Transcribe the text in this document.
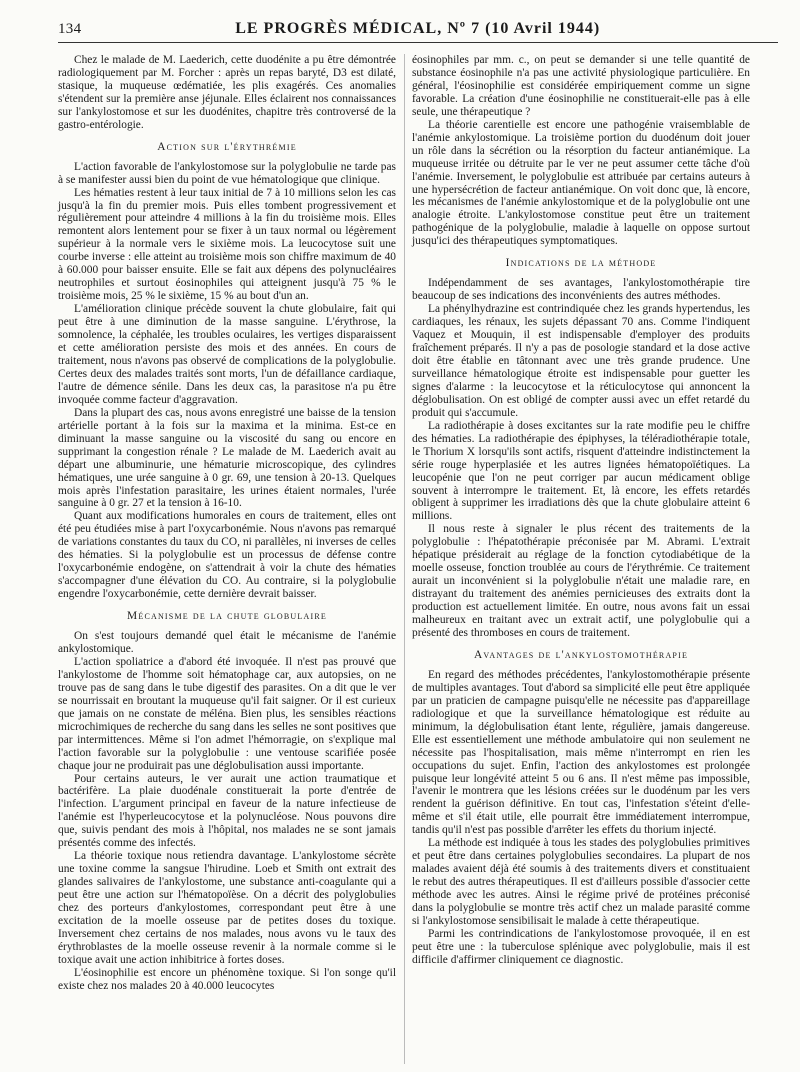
134	LE PROGRÈS MÉDICAL, Nº 7 (10 Avril 1944)

Chez le malade de M. Laederich, cette duodénite a pu être démontrée radiologiquement par M. Forcher : après un repas baryté, D3 est dilaté, stasique, la muqueuse œdématiée, les plis exagérés. Ces anomalies s'étendent sur la première anse jéjunale. Elles éclairent nos connaissances sur l'ankylostomose et sur les duodénites, chapitre très controversé de la gastro-entérologie.

Action sur l'érythrémie

L'action favorable de l'ankylostomose sur la polyglobulie ne tarde pas à se manifester aussi bien du point de vue hématologique que clinique.

Les hématies restent à leur taux initial de 7 à 10 millions selon les cas jusqu'à la fin du premier mois. Puis elles tombent progressivement et régulièrement pour atteindre 4 millions à la fin du troisième mois. Elles remontent alors lentement pour se fixer à un taux normal ou légèrement supérieur à la normale vers le sixième mois. La leucocytose suit une courbe inverse : elle atteint au troisième mois son chiffre maximum de 40 à 60.000 pour baisser ensuite. Elle se fait aux dépens des polynucléaires neutrophiles et surtout éosinophiles qui atteignent jusqu'à 75 % le troisième mois, 25 % le sixième, 15 % au bout d'un an.

L'amélioration clinique précède souvent la chute globulaire, fait qui peut être à une diminution de la masse sanguine. L'érythrose, la somnolence, la céphalée, les troubles oculaires, les vertiges disparaissent et cette amélioration persiste des mois et des années. En cours de traitement, nous n'avons pas observé de complications de la polyglobulie. Certes deux des malades traités sont morts, l'un de défaillance cardiaque, l'autre de démence sénile. Dans les deux cas, la parasitose n'a pu être invoquée comme facteur d'aggravation.

Dans la plupart des cas, nous avons enregistré une baisse de la tension artérielle portant à la fois sur la maxima et la minima. Est-ce en diminuant la masse sanguine ou la viscosité du sang ou encore en supprimant la congestion rénale ? Le malade de M. Laederich avait au départ une albuminurie, une hématurie microscopique, des cylindres hématiques, une urée sanguine à 0 gr. 69, une tension à 20-13. Quelques mois après l'infestation parasitaire, les urines étaient normales, l'urée sanguine à 0 gr. 27 et la tension à 16-10.

Quant aux modifications humorales en cours de traitement, elles ont été peu étudiées mise à part l'oxycarbonémie. Nous n'avons pas remarqué de variations constantes du taux du CO, ni parallèles, ni inverses de celles des hématies. Si la polyglobulie est un processus de défense contre l'oxycarbonémie endogène, on s'attendrait à voir la chute des hématies s'accompagner d'une élévation du CO. Au contraire, si la polyglobulie engendre l'oxycarbonémie, cette dernière devrait baisser.

Mécanisme de la chute globulaire

On s'est toujours demandé quel était le mécanisme de l'anémie ankylostomique.

L'action spoliatrice a d'abord été invoquée. Il n'est pas prouvé que l'ankylostome de l'homme soit hématophage car, aux autopsies, on ne trouve pas de sang dans le tube digestif des parasites. On a dit que le ver se nourrissait en broutant la muqueuse qu'il fait saigner. Or il est curieux que jamais on ne constate de méléna. Bien plus, les sensibles réactions microchimiques de recherche du sang dans les selles ne sont positives que par intermittences. Même si l'on admet l'hémorragie, on s'explique mal l'action favorable sur la polyglobulie : une ventouse scarifiée posée chaque jour ne produirait pas une déglobulisation aussi importante.

Pour certains auteurs, le ver aurait une action traumatique et bactérifère. La plaie duodénale constituerait la porte d'entrée de l'infection. L'argument principal en faveur de la nature infectieuse de l'anémie est l'hyperleucocytose et la polynucléose. Nous pouvons dire que, suivis pendant des mois à l'hôpital, nos malades ne se sont jamais présentés comme des infectés.

La théorie toxique nous retiendra davantage. L'ankylostome sécrète une toxine comme la sangsue l'hirudine. Loeb et Smith ont extrait des glandes salivaires de l'ankylostome, une substance anti-coagulante qui a peut être une action sur l'hématopoïèse. On a décrit des polyglobulies chez des porteurs d'ankylostomes, correspondant peut être à une excitation de la moelle osseuse par de petites doses du toxique. Inversement chez certains de nos malades, nous avons vu le taux des érythroblastes de la moelle osseuse revenir à la normale comme si le toxique avait une action inhibitrice à fortes doses.

L'éosinophilie est encore un phénomène toxique. Si l'on songe qu'il existe chez nos malades 20 à 40.000 leucocytes

éosinophiles par mm. c., on peut se demander si une telle quantité de substance éosinophile n'a pas une activité physiologique particulière. En général, l'éosinophilie est considérée empiriquement comme un signe favorable. La création d'une éosinophilie ne constituerait-elle pas à elle seule, une thérapeutique ?

La théorie carentielle est encore une pathogénie vraisemblable de l'anémie ankylostomique. La troisième portion du duodénum doit jouer un rôle dans la sécrétion ou la résorption du facteur antianémique. La muqueuse irritée ou détruite par le ver ne peut assumer cette tâche d'où l'anémie. Inversement, le polyglobulie est attribuée par certains auteurs à une hypersécrétion de facteur antianémique. On voit donc que, là encore, les mécanismes de l'anémie ankylostomique et de la polyglobulie ont une analogie étroite. L'ankylostomose constitue peut être un traitement pathogénique de la polyglobulie, maladie à laquelle on oppose surtout jusqu'ici des thérapeutiques symptomatiques.

Indications de la méthode

Indépendamment de ses avantages, l'ankylostomothérapie tire beaucoup de ses indications des inconvénients des autres méthodes.

La phénylhydrazine est contrindiquée chez les grands hypertendus, les cardiaques, les rénaux, les sujets dépassant 70 ans. Comme l'indiquent Vaquez et Mouquin, il est indispensable d'employer des produits fraîchement préparés. Il n'y a pas de posologie standard et la dose active doit être établie en tâtonnant avec une très grande prudence. Une surveillance hématologique étroite est indispensable pour guetter les signes d'alarme : la leucocytose et la réticulocytose qui annoncent la déglobulisation. On est obligé de compter aussi avec un effet retardé du produit qui s'accumule.

La radiothérapie à doses excitantes sur la rate modifie peu le chiffre des hématies. La radiothérapie des épiphyses, la téléradiothérapie totale, le Thorium X lorsqu'ils sont actifs, risquent d'atteindre indistinctement la série rouge hyperplasiée et les autres lignées hématopoïétiques. La leucopénie que l'on ne peut corriger par aucun médicament oblige souvent à interrompre le traitement. Et, là encore, les effets retardés obligent à supprimer les irradiations dès que la chute globulaire atteint 6 millions.

Il nous reste à signaler le plus récent des traitements de la polyglobulie : l'hépatothérapie préconisée par M. Abrami. L'extrait hépatique présiderait au réglage de la fonction cytodiabétique de la moelle osseuse, fonction troublée au cours de l'érythrémie. Ce traitement aurait un inconvénient si la polyglobulie n'était une maladie rare, en distrayant du traitement des anémies pernicieuses des extraits dont la production est actuellement limitée. En outre, nous avons fait un essai malheureux en traitant avec un extrait actif, une polyglobulie qui a présenté des thromboses en cours de traitement.

Avantages de l'ankylostomothérapie

En regard des méthodes précédentes, l'ankylostomothérapie présente de multiples avantages. Tout d'abord sa simplicité elle peut être appliquée par un praticien de campagne puisqu'elle ne nécessite pas d'appareillage radiologique et que la surveillance hématologique est réduite au minimum, la déglobulisation étant lente, régulière, jamais dangereuse. Elle est essentiellement une méthode ambulatoire qui non seulement ne nécessite pas l'hospitalisation, mais même n'interrompt en rien les occupations du sujet. Enfin, l'action des ankylostomes est prolongée puisque leur longévité atteint 5 ou 6 ans. Il n'est même pas impossible, l'avenir le montrera que les lésions créées sur le duodénum par les vers rendent la guérison définitive. En tout cas, l'infestation s'éteint d'elle-même et s'il était utile, elle pourrait être immédiatement interrompue, tandis qu'il n'est pas possible d'arrêter les effets du thorium injecté.

La méthode est indiquée à tous les stades des polyglobulies primitives et peut être dans certaines polyglobulies secondaires. La plupart de nos malades avaient déjà été soumis à des traitements divers et constituaient le rebut des autres thérapeutiques. Il est d'ailleurs possible d'associer cette méthode avec les autres. Ainsi le régime privé de protéines préconisé dans la polyglobulie se montre très actif chez un malade parasité comme si l'ankylostomose sensibilisait le malade à cette thérapeutique.

Parmi les contrindications de l'ankylostomose provoquée, il en est peut être une : la tuberculose splénique avec polyglobulie, mais il est difficile d'affirmer cliniquement ce diagnostic.
